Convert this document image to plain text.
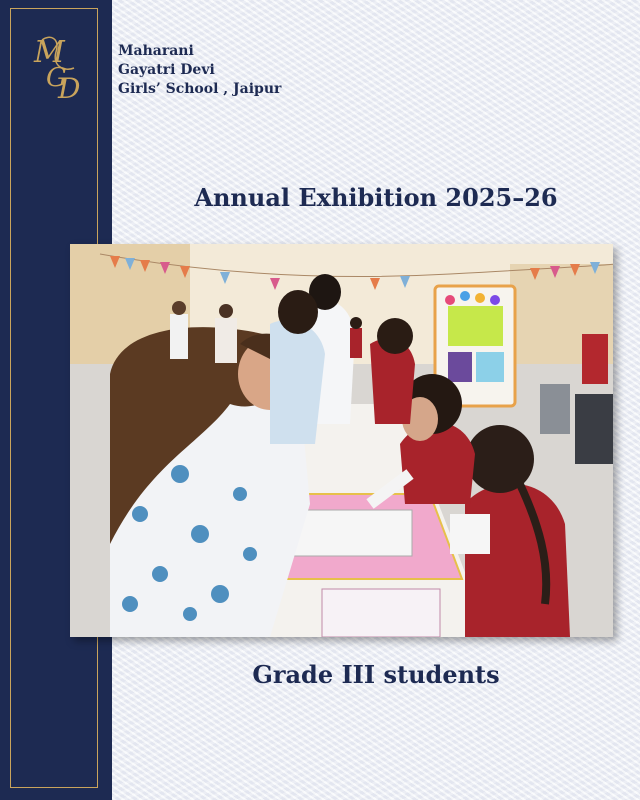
M
G
D
Maharani
Gayatri Devi
Girls’ School , Jaipur
Annual Exhibition 2025–26
Grade III students
